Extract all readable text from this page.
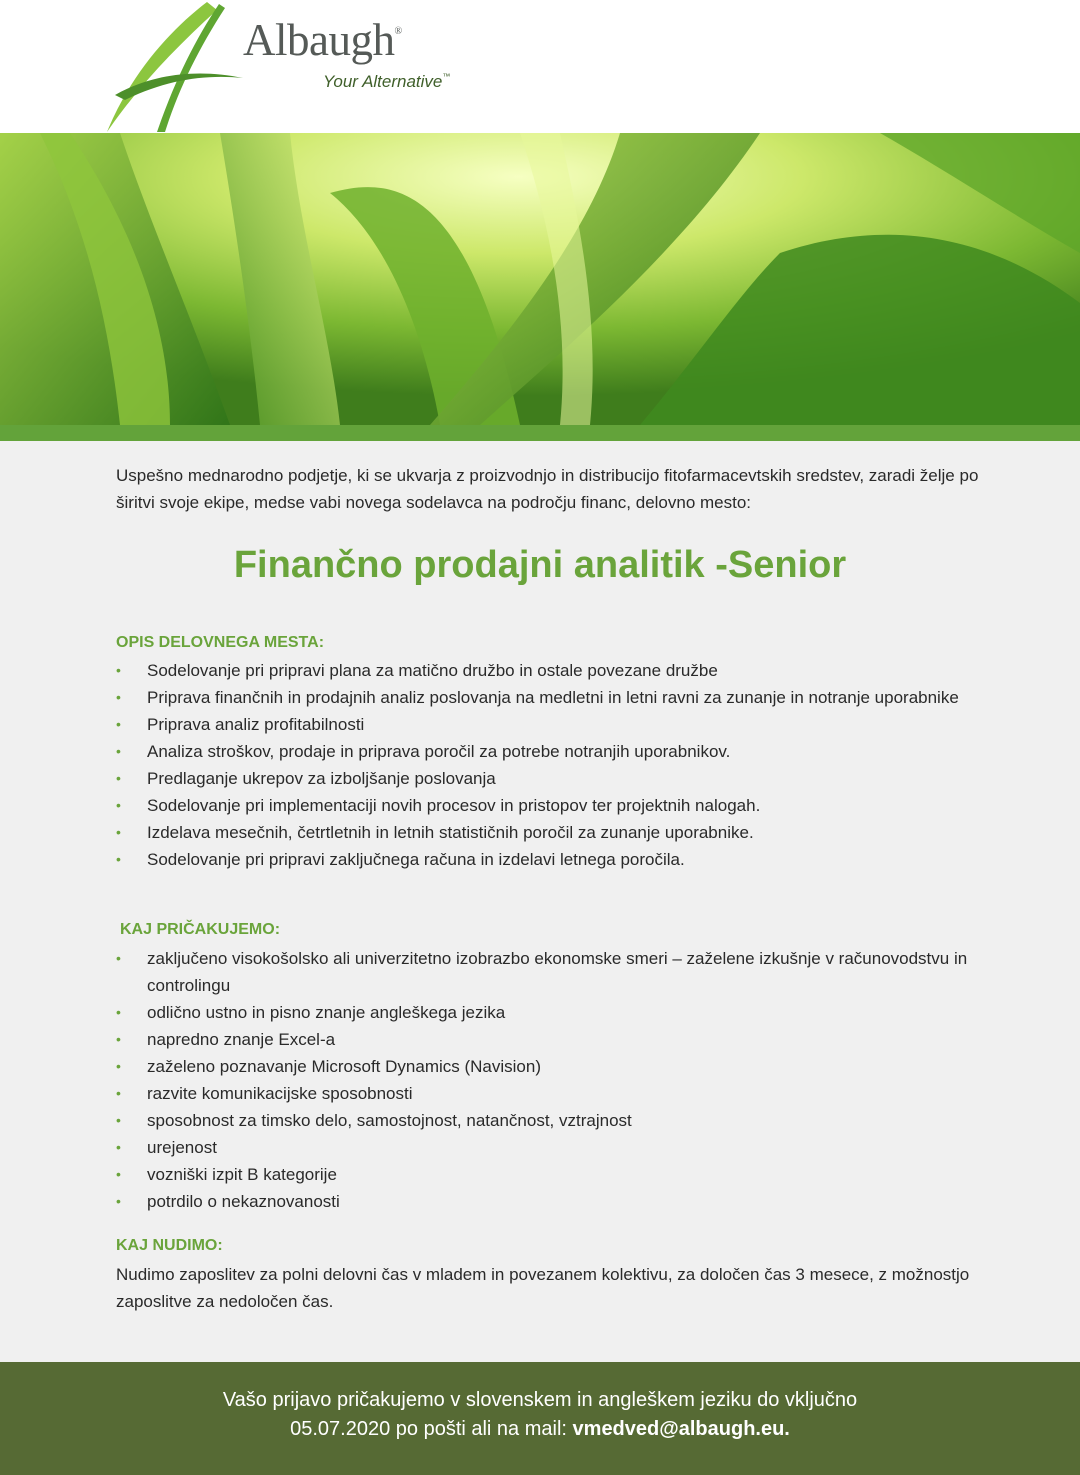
Albaugh®
Your Alternative™

Uspešno mednarodno podjetje, ki se ukvarja z proizvodnjo in distribucijo fitofarmacevtskih sredstev, zaradi želje po širitvi svoje ekipe, medse vabi novega sodelavca na področju financ, delovno mesto:

Finančno prodajni analitik -Senior
OPIS DELOVNEGA MESTA:
• Sodelovanje pri pripravi plana za matično družbo in ostale povezane družbe
• Priprava finančnih in prodajnih analiz poslovanja na medletni in letni ravni za zunanje in notranje uporabnike
• Priprava analiz profitabilnosti
• Analiza stroškov, prodaje in priprava poročil za potrebe notranjih uporabnikov.
• Predlaganje ukrepov za izboljšanje poslovanja
• Sodelovanje pri implementaciji novih procesov in pristopov ter projektnih nalogah.
• Izdelava mesečnih, četrtletnih in letnih statističnih poročil za zunanje uporabnike.
• Sodelovanje pri pripravi zaključnega računa in izdelavi letnega poročila.
KAJ PRIČAKUJEMO:
• zaključeno visokošolsko ali univerzitetno izobrazbo ekonomske smeri – zaželene izkušnje v računovodstvu in controlingu
• odlično ustno in pisno znanje angleškega jezika
• napredno znanje Excel-a
• zaželeno poznavanje Microsoft Dynamics (Navision)
• razvite komunikacijske sposobnosti
• sposobnost za timsko delo, samostojnost, natančnost, vztrajnost
• urejenost
• vozniški izpit B kategorije
• potrdilo o nekaznovanosti
KAJ NUDIMO:

Nudimo zaposlitev za polni delovni čas v mladem in povezanem kolektivu, za določen čas 3 mesece, z možnostjo zaposlitve za nedoločen čas.

Vašo prijavo pričakujemo v slovenskem in angleškem jeziku do vključno
05.07.2020 po pošti ali na mail: vmedved@albaugh.eu.
